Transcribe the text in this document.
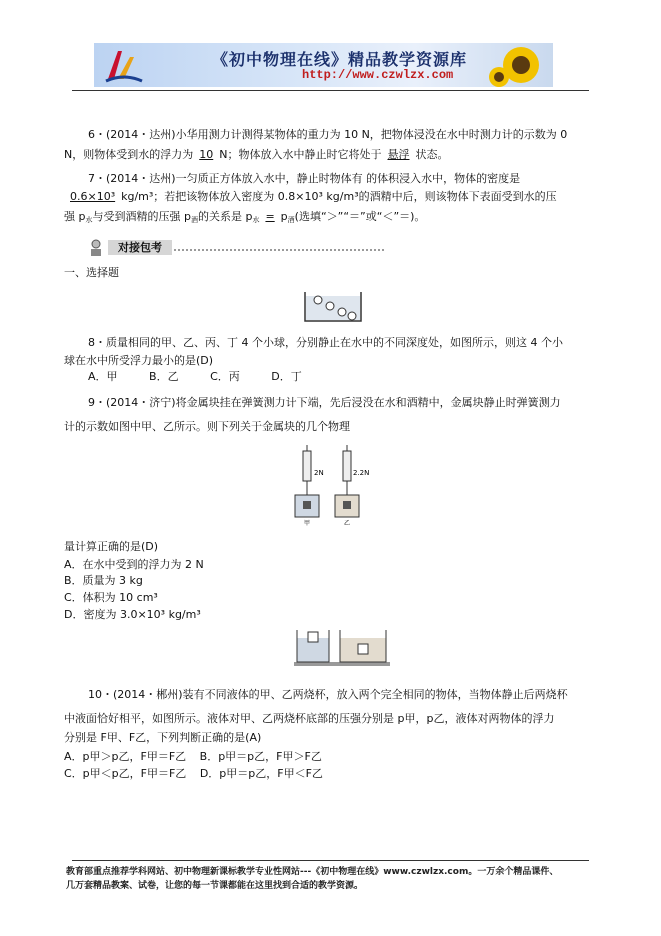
《初中物理在线》精品教学资源库
http://www.czwlzx.com
6・(2014・达州)小华用测力计测得某物体的重力为 10 N，把物体浸没在水中时测力计的示数为 0
N，则物体受到水的浮力为 10 N；物体放入水中静止时它将处于 悬浮 状态。
7・(2014・达州)一匀质正方体放入水中，静止时物体有 的体积浸入水中，物体的密度是
0.6×10³ kg/m³；若把该物体放入密度为 0.8×10³ kg/m³的酒精中后，则该物体下表面受到水的压
强 $p_水$与受到酒精的压强 $p_酒$的关系是 $p_水 = p_酒$(选填“＞”“＝”或“＜”＝)。
对接包考
一、选择题
8・质量相同的甲、乙、丙、丁 4 个小球，分别静止在水中的不同深度处，如图所示，则这 4 个小
球在水中所受浮力最小的是(D)
A．甲	B．乙	C．丙	D．丁
9・(2014・济宁)将金属块挂在弹簧测力计下端，先后浸没在水和酒精中，金属块静止时弹簧测力
计的示数如图中甲、乙所示。则下列关于金属块的几个物理
2N
甲
2.2N
乙
量计算正确的是(D)
A．在水中受到的浮力为 2 N
B．质量为 3 kg
C．体积为 10 cm³
D．密度为 3.0×10³ kg/m³
10・(2014・郴州)装有不同液体的甲、乙两烧杯，放入两个完全相同的物体，当物体静止后两烧杯
中液面恰好相平，如图所示。液体对甲、乙两烧杯底部的压强分别是 p甲，p乙，液体对两物体的浮力
分别是 F甲、F乙，下列判断正确的是(A)
A．p甲＞p乙，F甲＝F乙 B．p甲＝p乙，F甲＞F乙
C．p甲＜p乙，F甲＝F乙 D．p甲＝p乙，F甲＜F乙
教育部重点推荐学科网站、初中物理新课标教学专业性网站---《初中物理在线》www.czwlzx.com。一万余个精品课件、
几万套精品教案、试卷，让您的每一节课都能在这里找到合适的教学资源。
